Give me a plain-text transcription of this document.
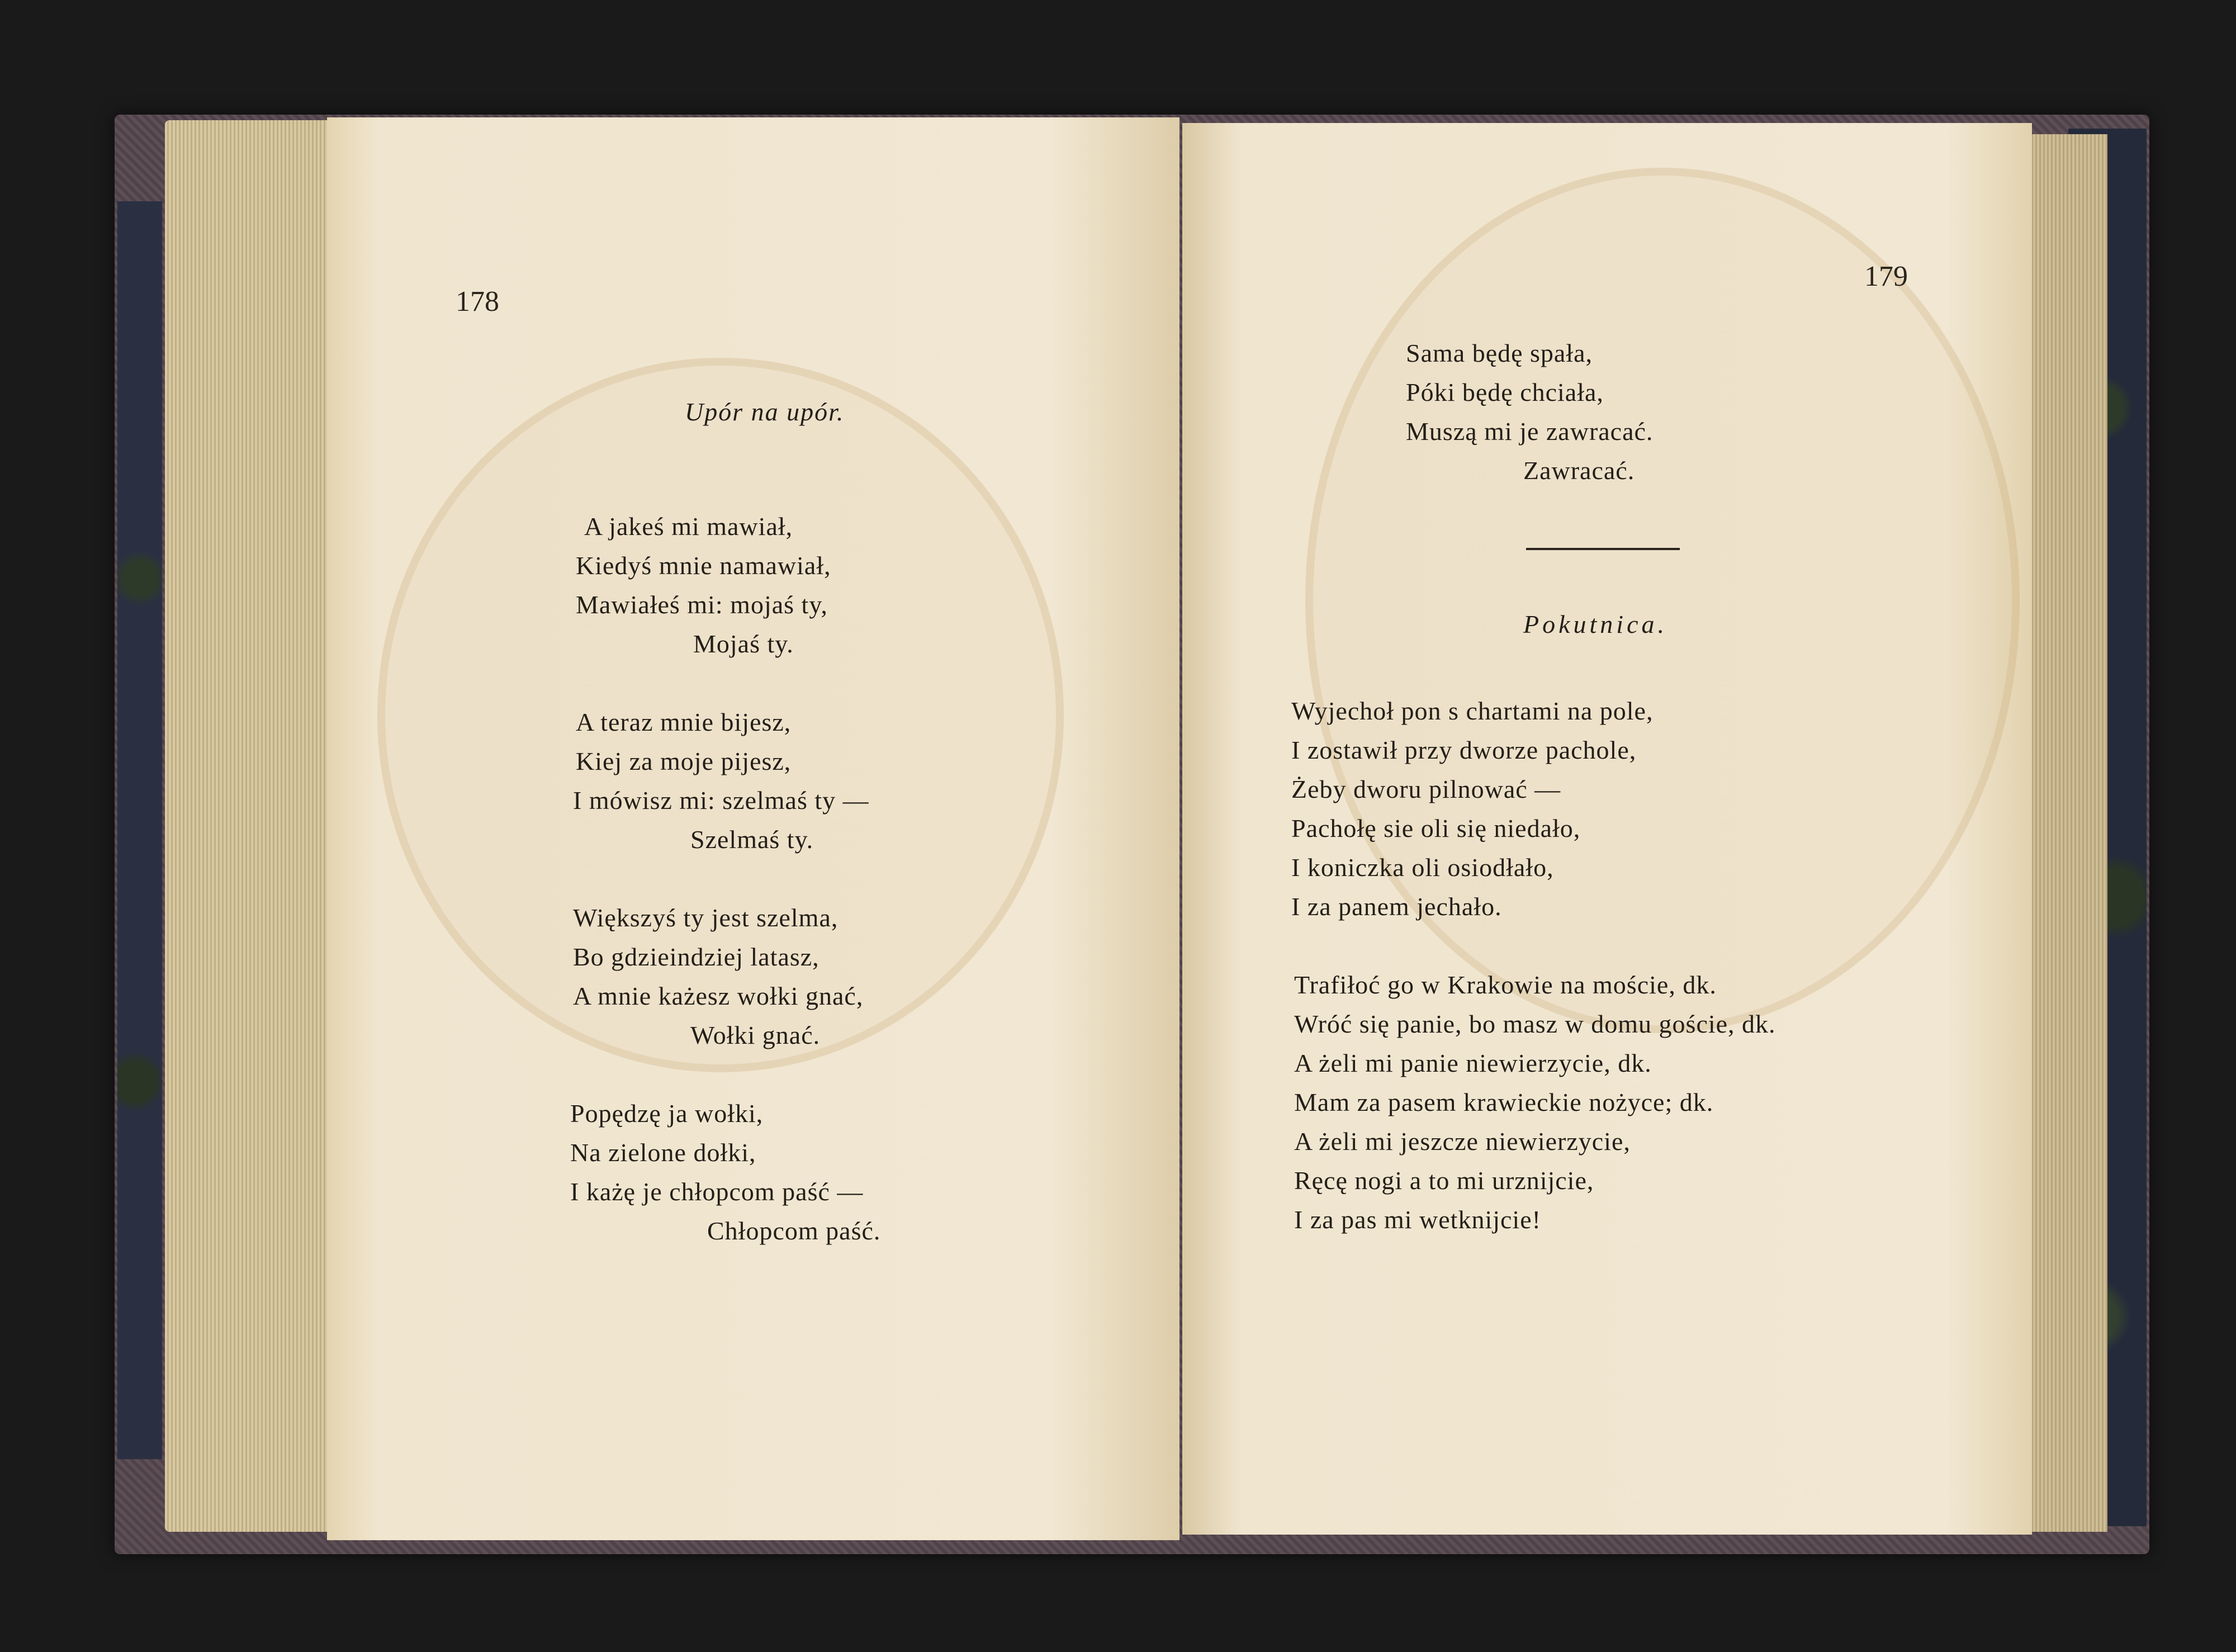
178
Upór na upór.
A jakeś mi mawiał,
Kiedyś mnie namawiał,
Mawiałeś mi: mojaś ty,
Mojaś ty.
A teraz mnie bijesz,
Kiej za moje pijesz,
I mówisz mi: szelmaś ty —
Szelmaś ty.
Większyś ty jest szelma,
Bo gdzieindziej latasz,
A mnie każesz wołki gnać,
Wołki gnać.
Popędzę ja wołki,
Na zielone dołki,
I każę je chłopcom paść —
Chłopcom paść.
179
Sama będę spała,
Póki będę chciała,
Muszą mi je zawracać.
Zawracać.
Pokutnica.
Wyjechoł pon s chartami na pole,
I zostawił przy dworze pachole,
Żeby dworu pilnować —
Pachołę sie oli się niedało,
I koniczka oli osiodłało,
I za panem jechało.
Trafiłoć go w Krakowie na moście, dk.
Wróć się panie, bo masz w domu goście, dk.
A żeli mi panie niewierzycie, dk.
Mam za pasem krawieckie nożyce; dk.
A żeli mi jeszcze niewierzycie,
Ręcę nogi a to mi urznijcie,
I za pas mi wetknijcie!
